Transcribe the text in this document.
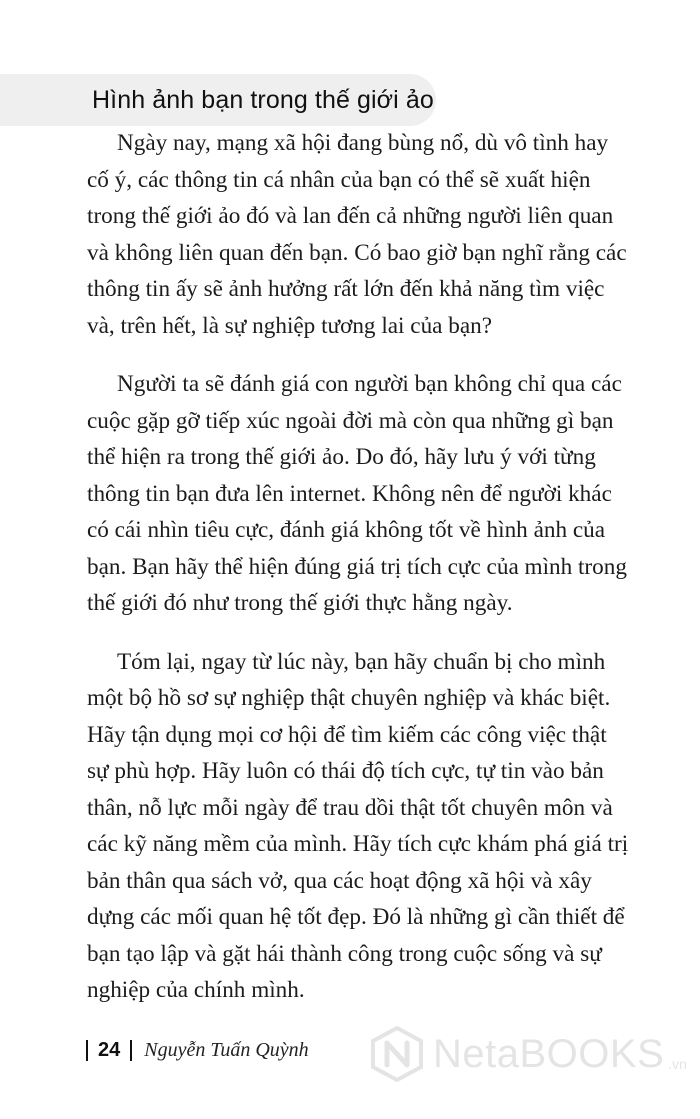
Hình ảnh bạn trong thế giới ảo

Ngày nay, mạng xã hội đang bùng nổ, dù vô tình hay cố ý, các thông tin cá nhân của bạn có thể sẽ xuất hiện trong thế giới ảo đó và lan đến cả những người liên quan và không liên quan đến bạn. Có bao giờ bạn nghĩ rằng các thông tin ấy sẽ ảnh hưởng rất lớn đến khả năng tìm việc và, trên hết, là sự nghiệp tương lai của bạn?

Người ta sẽ đánh giá con người bạn không chỉ qua các cuộc gặp gỡ tiếp xúc ngoài đời mà còn qua những gì bạn thể hiện ra trong thế giới ảo. Do đó, hãy lưu ý với từng thông tin bạn đưa lên internet. Không nên để người khác có cái nhìn tiêu cực, đánh giá không tốt về hình ảnh của bạn. Bạn hãy thể hiện đúng giá trị tích cực của mình trong thế giới đó như trong thế giới thực hằng ngày.

Tóm lại, ngay từ lúc này, bạn hãy chuẩn bị cho mình một bộ hồ sơ sự nghiệp thật chuyên nghiệp và khác biệt. Hãy tận dụng mọi cơ hội để tìm kiếm các công việc thật sự phù hợp. Hãy luôn có thái độ tích cực, tự tin vào bản thân, nỗ lực mỗi ngày để trau dồi thật tốt chuyên môn và các kỹ năng mềm của mình. Hãy tích cực khám phá giá trị bản thân qua sách vở, qua các hoạt động xã hội và xây dựng các mối quan hệ tốt đẹp. Đó là những gì cần thiết để bạn tạo lập và gặt hái thành công trong cuộc sống và sự nghiệp của chính mình.

24 Nguyễn Tuấn Quỳnh	NetaBOOKS .vn
